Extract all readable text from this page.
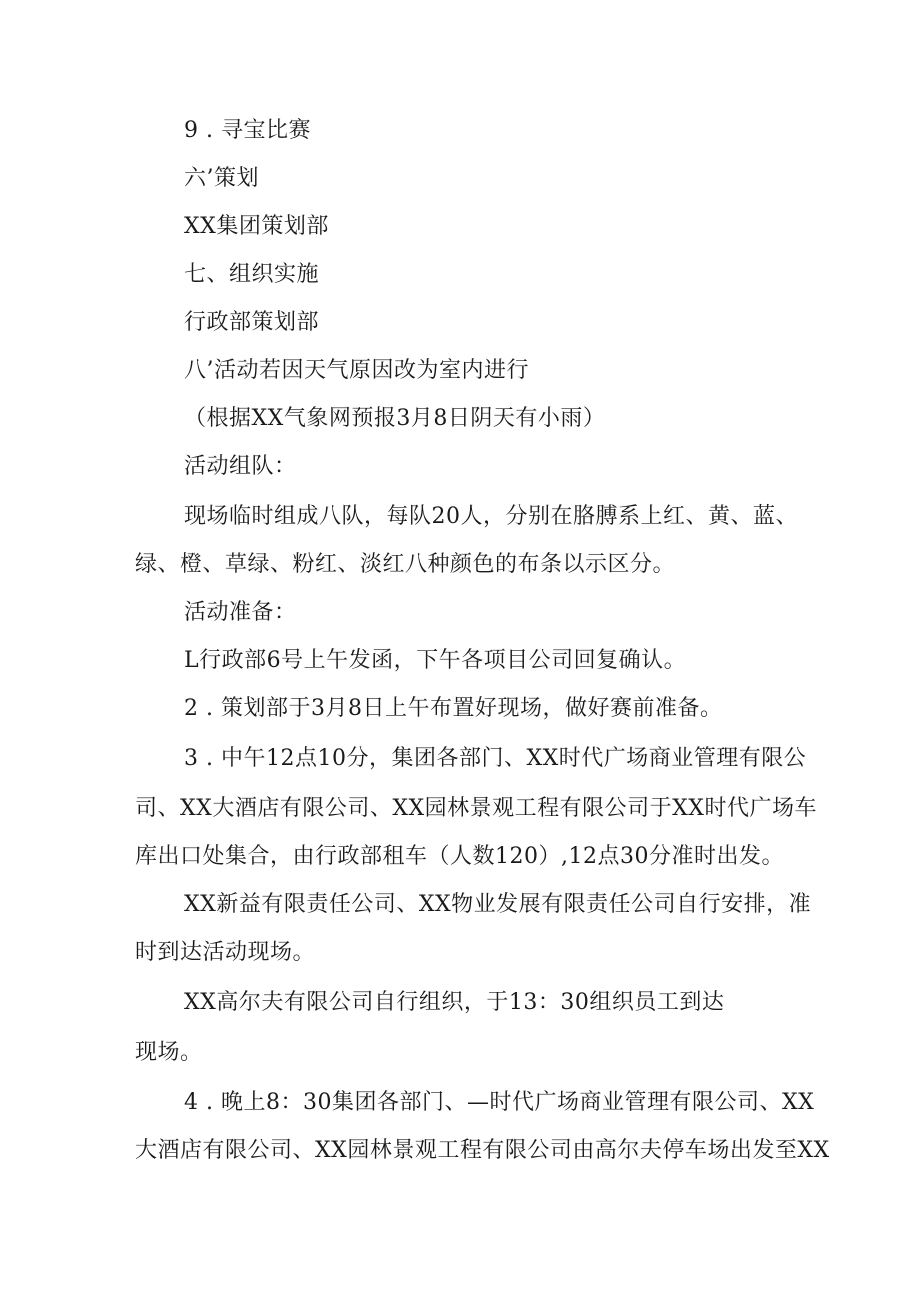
9 . 寻宝比赛
六’策划
XX集团策划部
七、组织实施
行政部策划部
八’活动若因天气原因改为室内进行
（根据XX气象网预报3月8日阴天有小雨）
活动组队：
现场临时组成八队，每队20人，分别在胳膊系上红、黄、蓝、
绿、橙、草绿、粉红、淡红八种颜色的布条以示区分。
活动准备：
L行政部6号上午发函，下午各项目公司回复确认。
2 . 策划部于3月8日上午布置好现场，做好赛前准备。
3 . 中午12点10分，集团各部门、XX时代广场商业管理有限公
司、XX大酒店有限公司、XX园林景观工程有限公司于XX时代广场车
库出口处集合，由行政部租车（人数120）,12点30分准时出发。
XX新益有限责任公司、XX物业发展有限责任公司自行安排，准
时到达活动现场。
XX高尔夫有限公司自行组织，于13：30组织员工到达
现场。
4 . 晚上8：30集团各部门、—时代广场商业管理有限公司、XX
大酒店有限公司、XX园林景观工程有限公司由高尔夫停车场出发至XX
